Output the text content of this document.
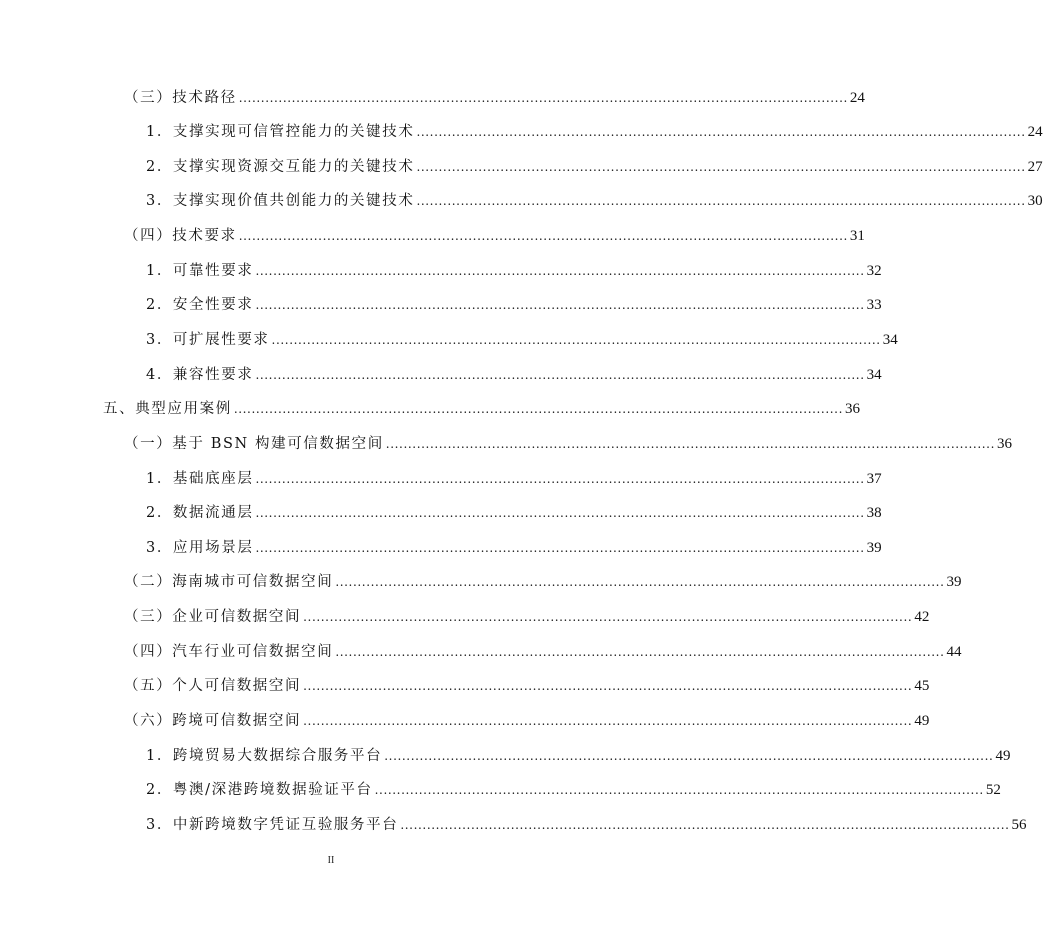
（三）技术路径 .......................................................................................................................................... 24
1．支撑实现可信管控能力的关键技术 .......................................................................................................................................... 24
2．支撑实现资源交互能力的关键技术 .......................................................................................................................................... 27
3．支撑实现价值共创能力的关键技术 .......................................................................................................................................... 30
（四）技术要求 .......................................................................................................................................... 31
1．可靠性要求 .......................................................................................................................................... 32
2．安全性要求 .......................................................................................................................................... 33
3．可扩展性要求 .......................................................................................................................................... 34
4．兼容性要求 .......................................................................................................................................... 34
五、典型应用案例 .......................................................................................................................................... 36
（一）基于 BSN 构建可信数据空间 .......................................................................................................................................... 36
1．基础底座层 .......................................................................................................................................... 37
2．数据流通层 .......................................................................................................................................... 38
3．应用场景层 .......................................................................................................................................... 39
（二）海南城市可信数据空间 .......................................................................................................................................... 39
（三）企业可信数据空间 .......................................................................................................................................... 42
（四）汽车行业可信数据空间 .......................................................................................................................................... 44
（五）个人可信数据空间 .......................................................................................................................................... 45
（六）跨境可信数据空间 .......................................................................................................................................... 49
1．跨境贸易大数据综合服务平台 .......................................................................................................................................... 49
2．粤澳/深港跨境数据验证平台 .......................................................................................................................................... 52
3．中新跨境数字凭证互验服务平台 .......................................................................................................................................... 56
II
